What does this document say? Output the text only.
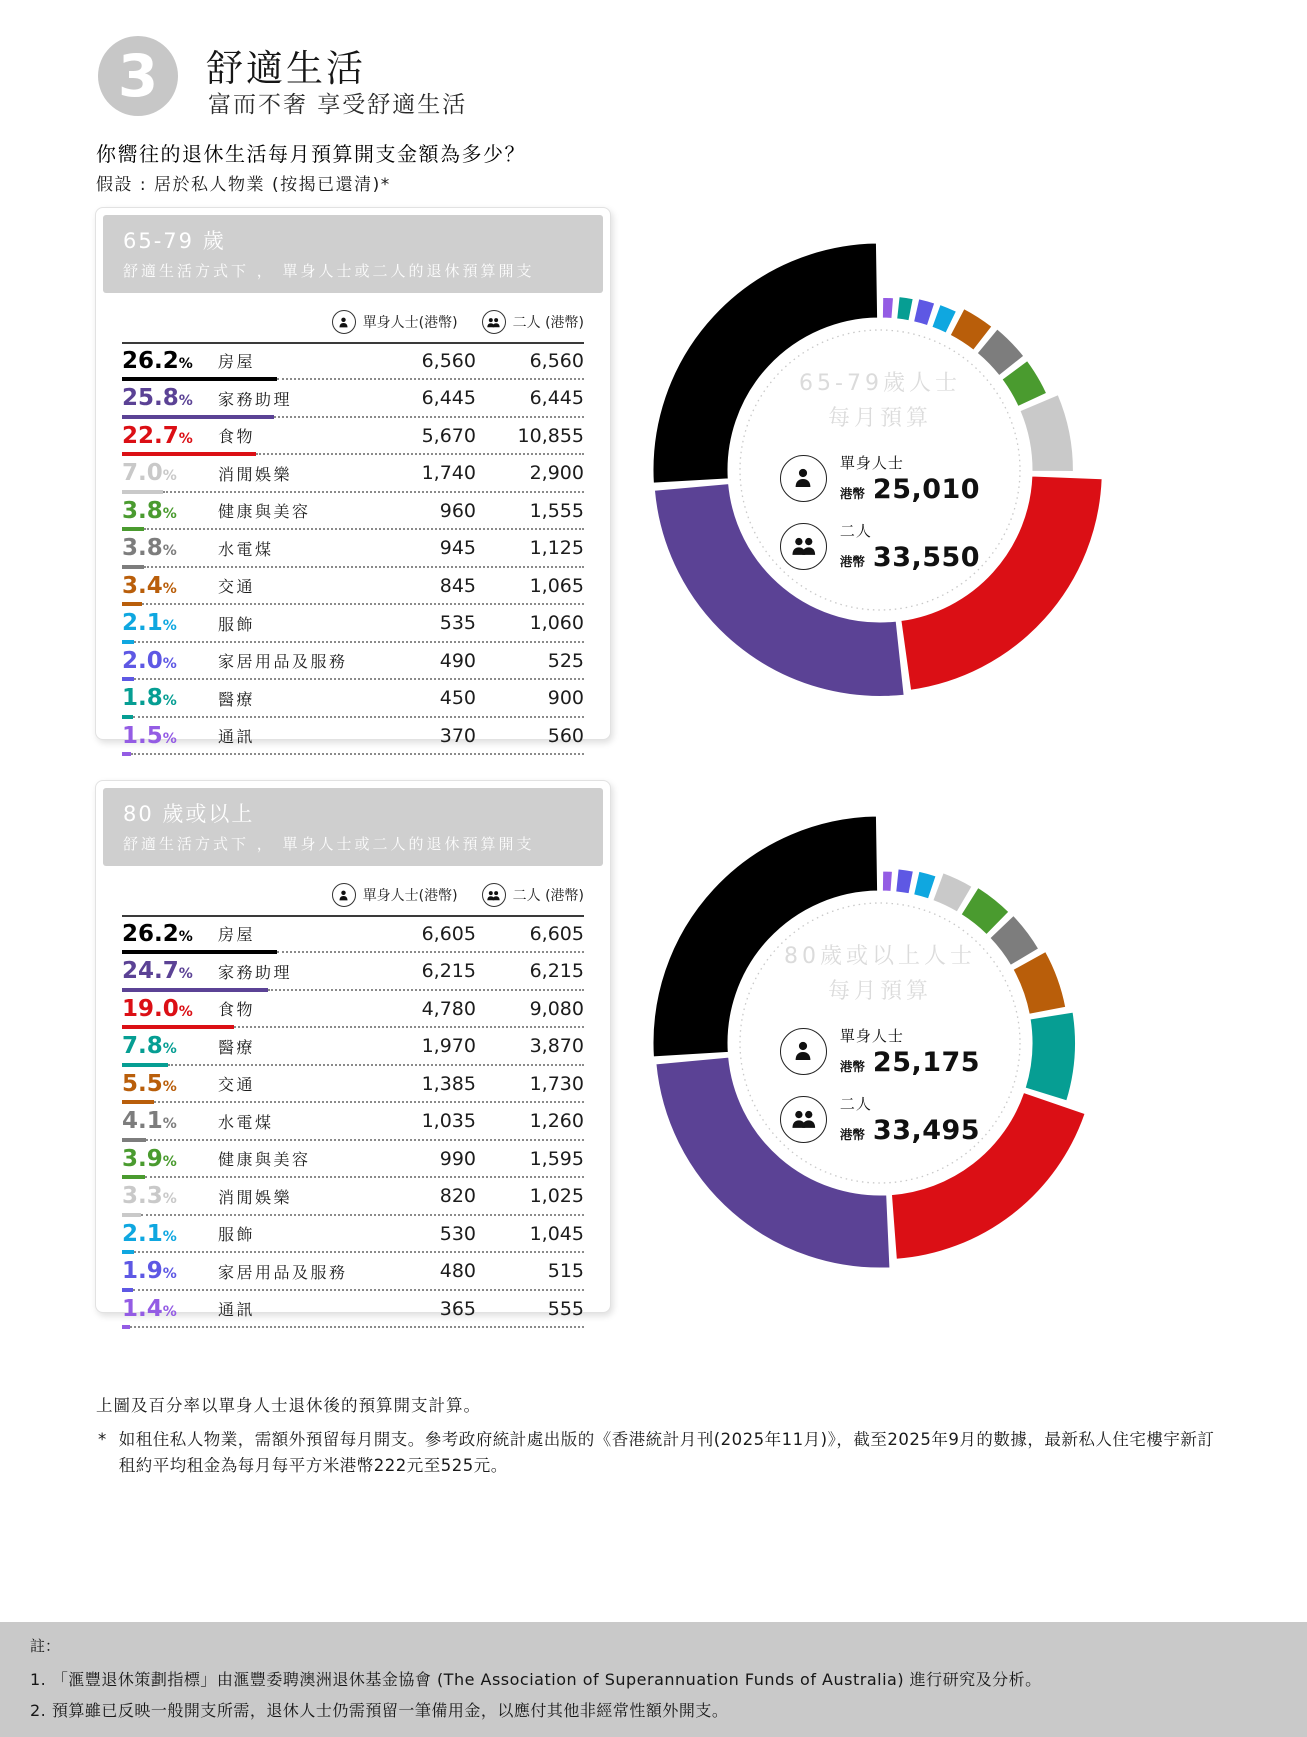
3 舒適生活
富而不奢 享受舒適生活
你嚮往的退休生活每月預算開支金額為多少？
假設 : 居於私人物業 (按揭已還清)*
65-79 歲
舒適生活方式下 ， 單身人士或二人的退休預算開支
單身人士(港幣)	二人 (港幣)
26.2%	房屋	6,560	6,560
25.8%	家務助理	6,445	6,445
22.7%	食物	5,670	10,855
7.0%	消閒娛樂	1,740	2,900
3.8%	健康與美容	960	1,555
3.8%	水電煤	945	1,125
3.4%	交通	845	1,065
2.1%	服飾	535	1,060
2.0%	家居用品及服務	490	525
1.8%	醫療	450	900
1.5%	通訊	370	560
65-79歲人士
每月預算
單身人士
港幣 25,010
二人
港幣 33,550
80 歲或以上
舒適生活方式下 ， 單身人士或二人的退休預算開支
單身人士(港幣)	二人 (港幣)
26.2%	房屋	6,605	6,605
24.7%	家務助理	6,215	6,215
19.0%	食物	4,780	9,080
7.8%	醫療	1,970	3,870
5.5%	交通	1,385	1,730
4.1%	水電煤	1,035	1,260
3.9%	健康與美容	990	1,595
3.3%	消閒娛樂	820	1,025
2.1%	服飾	530	1,045
1.9%	家居用品及服務	480	515
1.4%	通訊	365	555
80歲或以上人士
每月預算
單身人士
港幣 25,175
二人
港幣 33,495
上圖及百分率以單身人士退休後的預算開支計算。
* 如租住私人物業，需額外預留每月開支。參考政府統計處出版的《香港統計月刊(2025年11月)》，截至2025年9月的數據，最新私人住宅樓宇新訂租約平均租金為每月每平方米港幣222元至525元。
註：
1. 「滙豐退休策劃指標」由滙豐委聘澳洲退休基金協會 (The Association of Superannuation Funds of Australia) 進行研究及分析。
2. 預算雖已反映一般開支所需，退休人士仍需預留一筆備用金，以應付其他非經常性額外開支。
